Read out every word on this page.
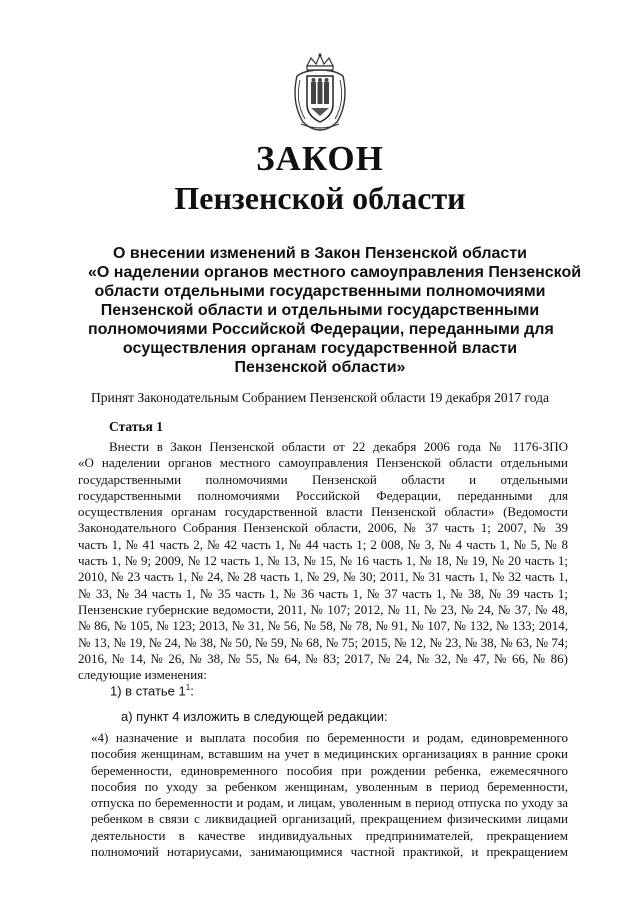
ЗАКОН
Пензенской области
О внесении изменений в Закон Пензенской области
«О наделении органов местного самоуправления Пензенской
области отдельными государственными полномочиями
Пензенской области и отдельными государственными
полномочиями Российской Федерации, переданными для
осуществления органам государственной власти
Пензенской области»
Принят Законодательным Собранием Пензенской области 19 декабря 2017 года
Статья 1
Внести в Закон Пензенской области от 22 декабря 2006 года № 1176-ЗПО
«О наделении органов местного самоуправления Пензенской области отдельными
государственными полномочиями Пензенской области и отдельными
государственными полномочиями Российской Федерации, переданными для
осуществления органам государственной власти Пензенской области» (Ведомости
Законодательного Собрания Пензенской области, 2006, № 37 часть 1; 2007, № 39
часть 1, № 41 часть 2, № 42 часть 1, № 44 часть 1; 2 008, № 3, № 4 часть 1, № 5, № 8
часть 1, № 9; 2009, № 12 часть 1, № 13, № 15, № 16 часть 1, № 18, № 19, № 20 часть 1;
2010, № 23 часть 1, № 24, № 28 часть 1, № 29, № 30; 2011, № 31 часть 1, № 32 часть 1,
№ 33, № 34 часть 1, № 35 часть 1, № 36 часть 1, № 37 часть 1, № 38, № 39 часть 1;
Пензенские губернские ведомости, 2011, № 107; 2012, № 11, № 23, № 24, № 37, № 48,
№ 86, № 105, № 123; 2013, № 31, № 56, № 58, № 78, № 91, № 107, № 132, № 133; 2014,
№ 13, № 19, № 24, № 38, № 50, № 59, № 68, № 75; 2015, № 12, № 23, № 38, № 63, № 74;
2016, № 14, № 26, № 38, № 55, № 64, № 83; 2017, № 24, № 32, № 47, № 66, № 86)
следующие изменения:
1) в статье $1^1$:
а) пункт 4 изложить в следующей редакции:
«4) назначение и выплата пособия по беременности и родам, единовременного
пособия женщинам, вставшим на учет в медицинских организациях в ранние сроки
беременности, единовременного пособия при рождении ребенка, ежемесячного
пособия по уходу за ребенком женщинам, уволенным в период беременности,
отпуска по беременности и родам, и лицам, уволенным в период отпуска по уходу за
ребенком в связи с ликвидацией организаций, прекращением физическими лицами
деятельности в качестве индивидуальных предпринимателей, прекращением
полномочий нотариусами, занимающимися частной практикой, и прекращением
